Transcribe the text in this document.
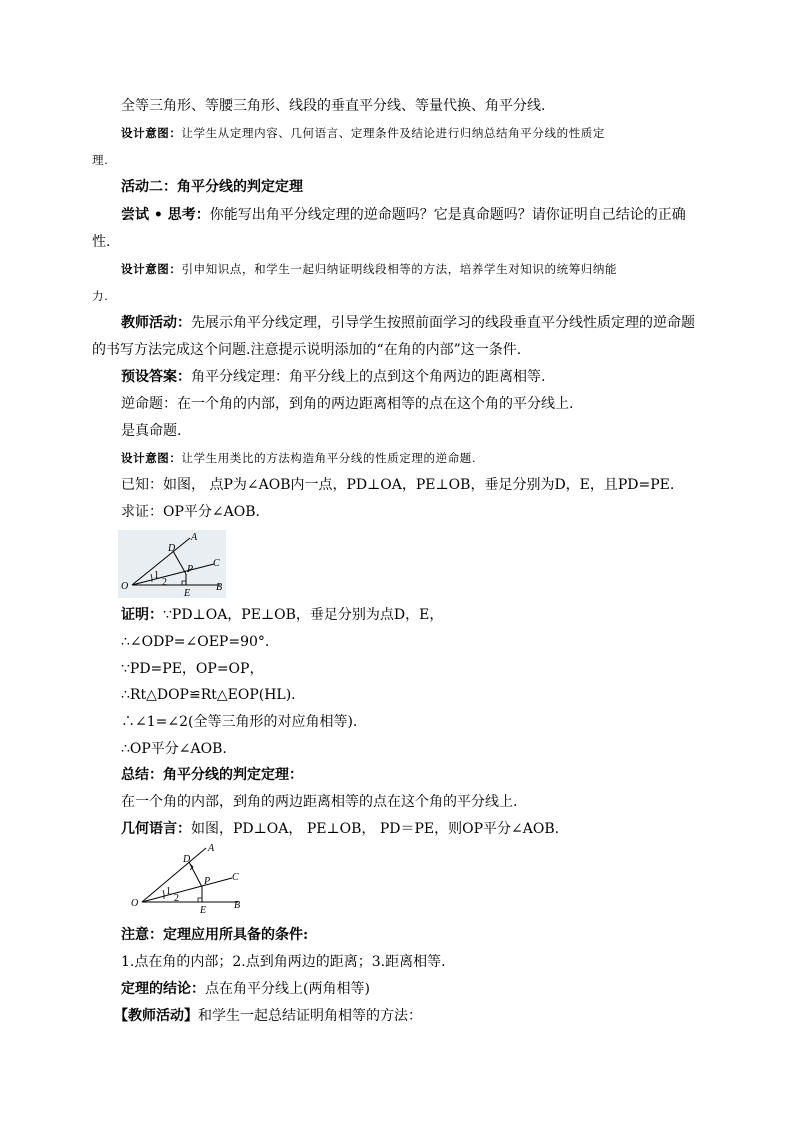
全等三角形、等腰三角形、线段的垂直平分线、等量代换、角平分线.
设计意图：让学生从定理内容、几何语言、定理条件及结论进行归纳总结角平分线的性质定
理.
活动二：角平分线的判定定理
尝试 • 思考：你能写出角平分线定理的逆命题吗？它是真命题吗？请你证明自己结论的正确
性.
设计意图：引申知识点，和学生一起归纳证明线段相等的方法，培养学生对知识的统筹归纳能
力.
教师活动：先展示角平分线定理，引导学生按照前面学习的线段垂直平分线性质定理的逆命题
的书写方法完成这个问题.注意提示说明添加的“在角的内部”这一条件.
预设答案：角平分线定理：角平分线上的点到这个角两边的距离相等.
逆命题：在一个角的内部，到角的两边距离相等的点在这个角的平分线上.
是真命题.
设计意图：让学生用类比的方法构造角平分线的性质定理的逆命题.
已知：如图， 点P为∠AOB内一点，PD⊥OA，PE⊥OB，垂足分别为D，E，且PD=PE.
求证：OP平分∠AOB.
O
A
B
C
D
E
P
1
2
证明：∵PD⊥OA，PE⊥OB，垂足分别为点D，E，
∴∠ODP=∠OEP=90°.
∵PD=PE，OP=OP，
∴Rt△DOP≌Rt△EOP(HL).
∴∠1=∠2(全等三角形的对应角相等).
∴OP平分∠AOB.
总结：角平分线的判定定理：
在一个角的内部，到角的两边距离相等的点在这个角的平分线上.
几何语言：如图，PD⊥OA， PE⊥OB， PD＝PE，则OP平分∠AOB.
O
A
B
C
D
E
P
1
2
注意：定理应用所具备的条件:
1.点在角的内部；2.点到角两边的距离；3.距离相等.
定理的结论：点在角平分线上(两角相等)
【教师活动】和学生一起总结证明角相等的方法：
